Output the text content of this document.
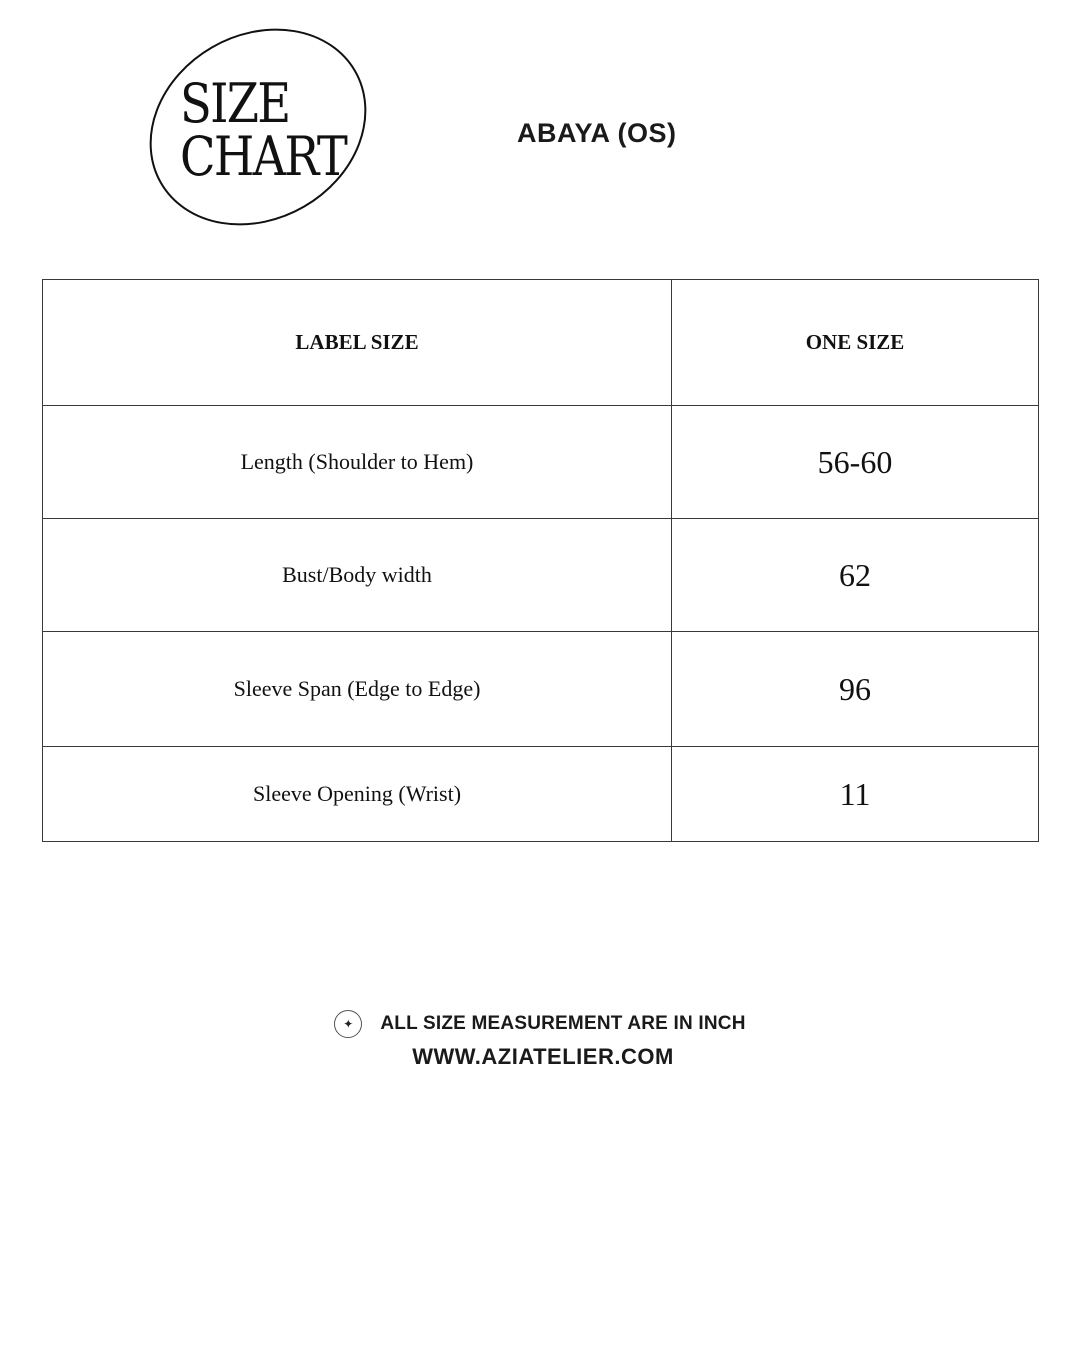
SIZE
CHART	ABAYA (OS)
LABEL SIZE	ONE SIZE
Length (Shoulder to Hem)	56-60
Bust/Body width	62
Sleeve Span (Edge to Edge)	96
Sleeve Opening (Wrist)	11
✦	ALL SIZE MEASUREMENT ARE IN INCH
WWW.AZIATELIER.COM
